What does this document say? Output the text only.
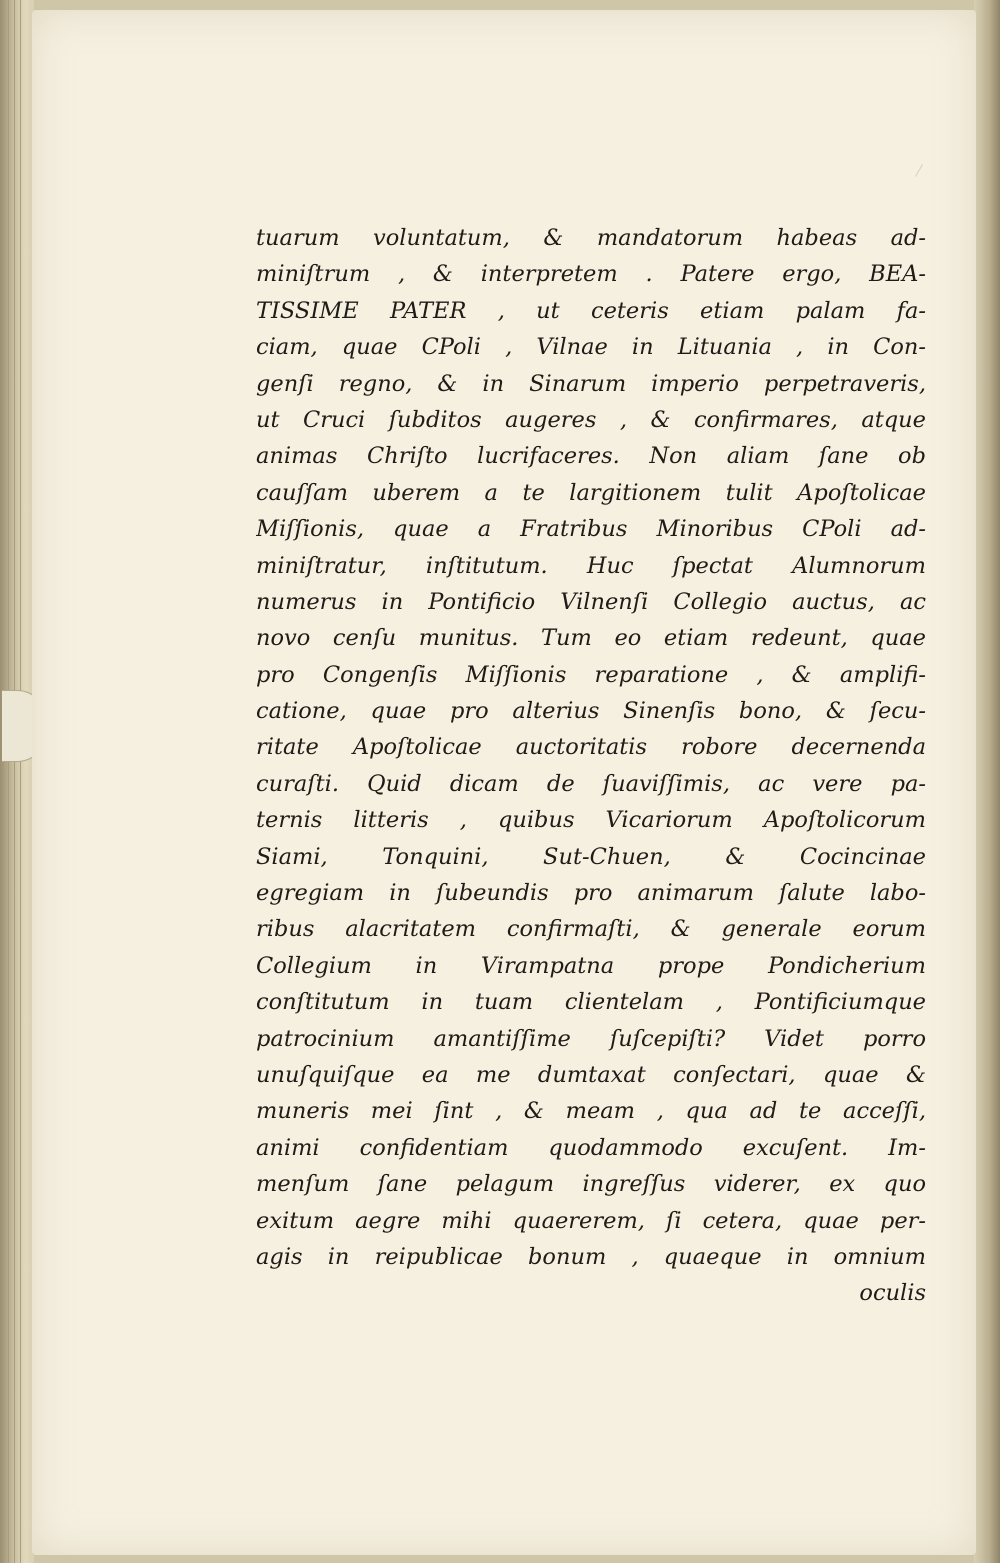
tuarum voluntatum, & mandatorum habeas ad-
miniſtrum , & interpretem . Patere ergo, BEA-
TISSIME PATER , ut ceteris etiam palam fa-
ciam, quae CPoli , Vilnae in Lituania , in Con-
genſi regno, & in Sinarum imperio perpetraveris,
ut Cruci ſubditos augeres , & confirmares, atque
animas Chriſto lucrifaceres. Non aliam ſane ob
cauſſam uberem a te largitionem tulit Apoſtolicae
Miſſionis, quae a Fratribus Minoribus CPoli ad-
miniſtratur, inſtitutum. Huc ſpectat Alumnorum
numerus in Pontificio Vilnenſi Collegio auctus, ac
novo cenſu munitus. Tum eo etiam redeunt, quae
pro Congenſis Miſſionis reparatione , & amplifi-
catione, quae pro alterius Sinenſis bono, & ſecu-
ritate Apoſtolicae auctoritatis robore decernenda
curaſti. Quid dicam de ſuaviſſimis, ac vere pa-
ternis litteris , quibus Vicariorum Apoſtolicorum
Siami, Tonquini, Sut-Chuen, & Cocincinae
egregiam in ſubeundis pro animarum ſalute labo-
ribus alacritatem confirmaſti, & generale eorum
Collegium in Virampatna prope Pondicherium
conſtitutum in tuam clientelam , Pontificiumque
patrocinium amantiſſime ſuſcepiſti? Videt porro
unuſquiſque ea me dumtaxat conſectari, quae &
muneris mei ſint , & meam , qua ad te acceſſi,
animi confidentiam quodammodo excuſent. Im-
menſum ſane pelagum ingreſſus viderer, ex quo
exitum aegre mihi quaererem, ſi cetera, quae per-
agis in reipublicae bonum , quaeque in omnium
oculis
